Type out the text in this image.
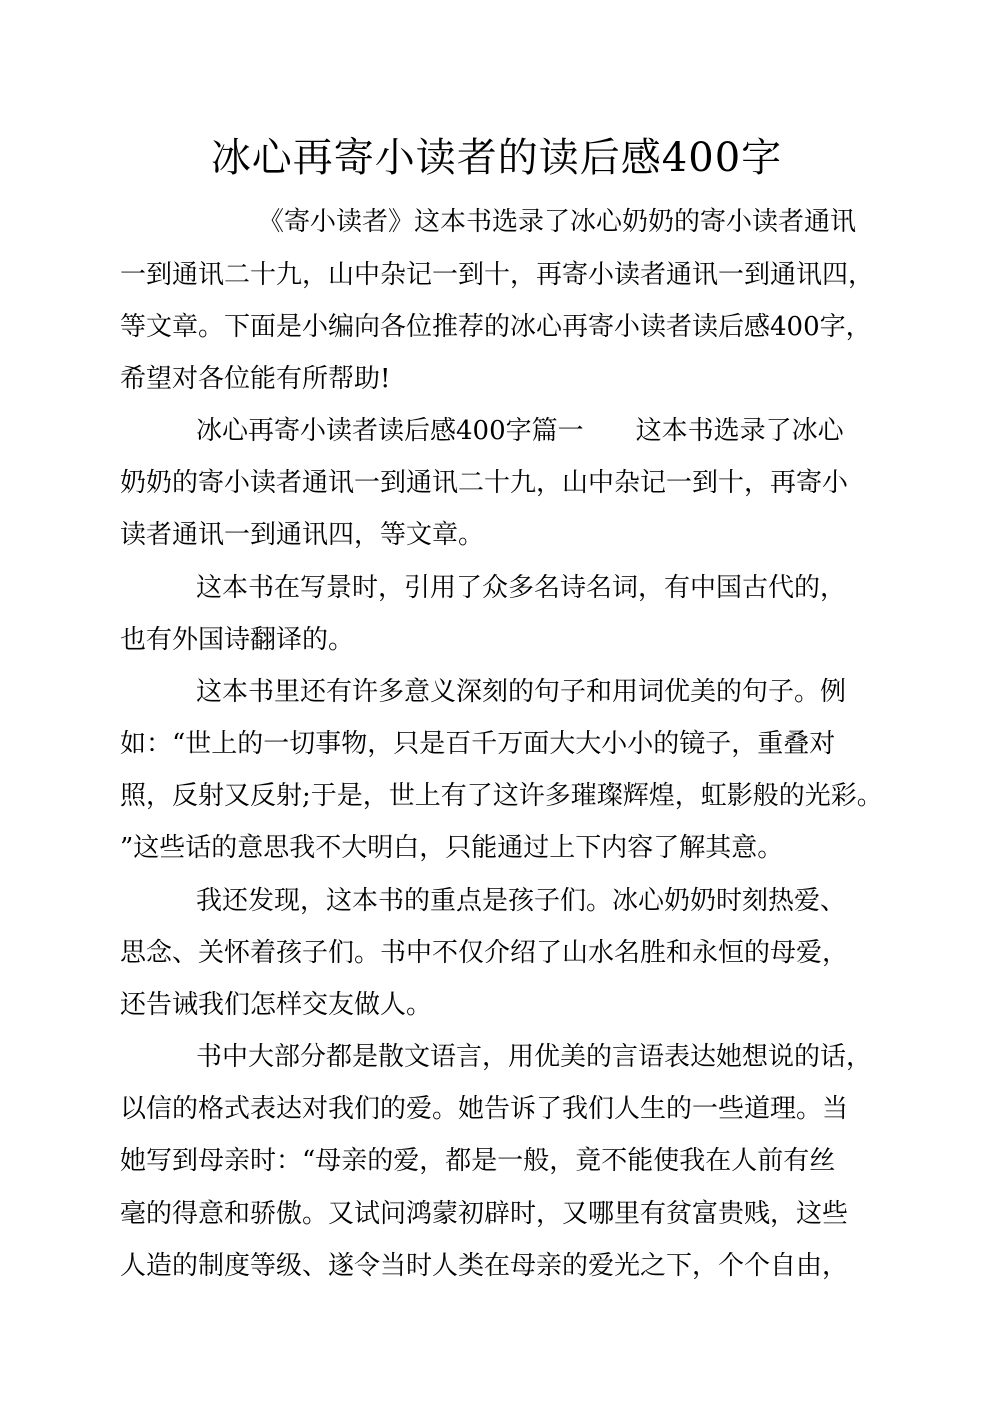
冰心再寄小读者的读后感400字

《寄小读者》这本书选录了冰心奶奶的寄小读者通讯

一到通讯二十九，山中杂记一到十，再寄小读者通讯一到通讯四，

等文章。下面是小编向各位推荐的冰心再寄小读者读后感400字，

希望对各位能有所帮助!

冰心再寄小读者读后感400字篇一　　这本书选录了冰心

奶奶的寄小读者通讯一到通讯二十九，山中杂记一到十，再寄小

读者通讯一到通讯四，等文章。

这本书在写景时，引用了众多名诗名词，有中国古代的，

也有外国诗翻译的。

这本书里还有许多意义深刻的句子和用词优美的句子。例

如：“世上的一切事物，只是百千万面大大小小的镜子，重叠对

照，反射又反射;于是，世上有了这许多璀璨辉煌，虹影般的光彩。

”这些话的意思我不大明白，只能通过上下内容了解其意。

我还发现，这本书的重点是孩子们。冰心奶奶时刻热爱、

思念、关怀着孩子们。书中不仅介绍了山水名胜和永恒的母爱，

还告诫我们怎样交友做人。

书中大部分都是散文语言，用优美的言语表达她想说的话，

以信的格式表达对我们的爱。她告诉了我们人生的一些道理。当

她写到母亲时：“母亲的爱，都是一般，竟不能使我在人前有丝

毫的得意和骄傲。又试问鸿蒙初辟时，又哪里有贫富贵贱，这些

人造的制度等级、遂令当时人类在母亲的爱光之下，个个自由，
